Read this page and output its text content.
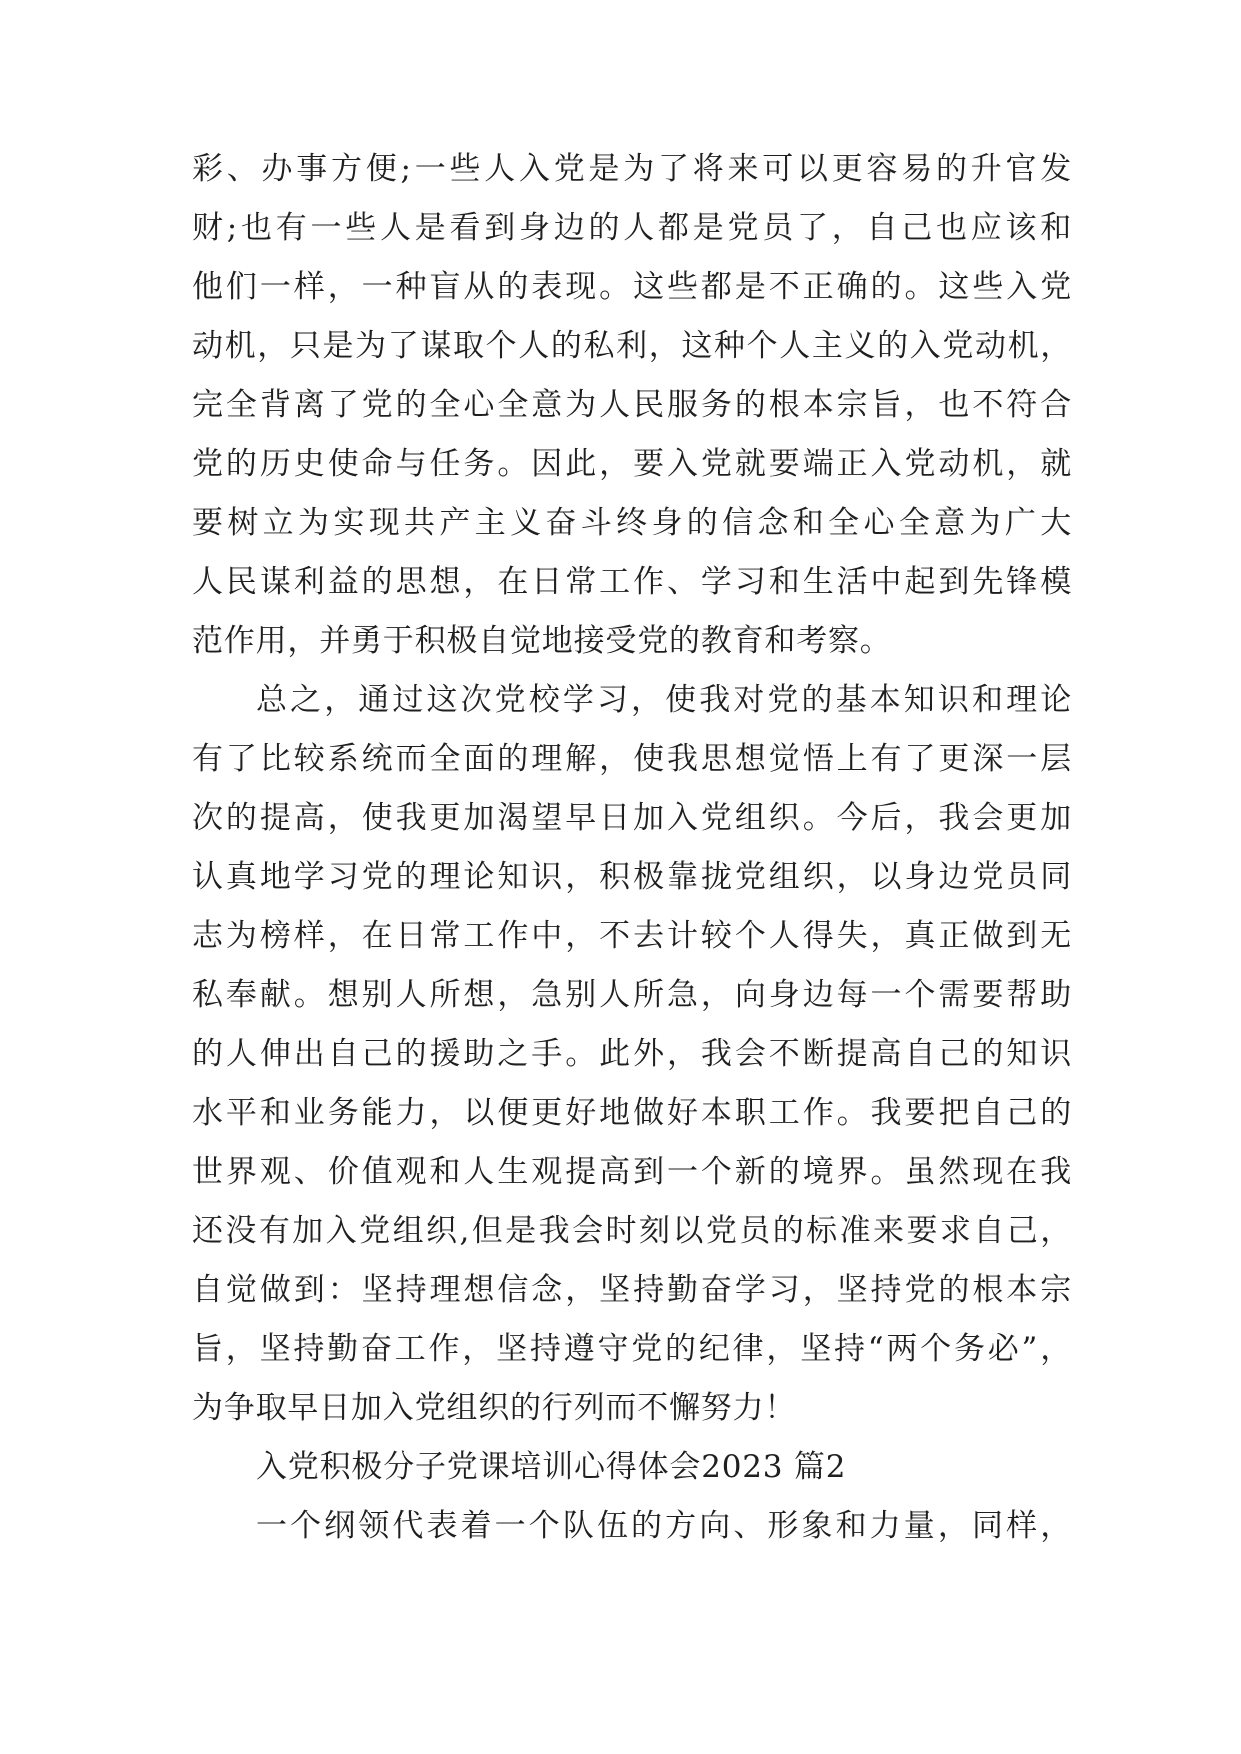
彩、办事方便;一些人入党是为了将来可以更容易的升官发
财;也有一些人是看到身边的人都是党员了，自己也应该和
他们一样，一种盲从的表现。这些都是不正确的。这些入党
动机，只是为了谋取个人的私利，这种个人主义的入党动机，
完全背离了党的全心全意为人民服务的根本宗旨，也不符合
党的历史使命与任务。因此，要入党就要端正入党动机，就
要树立为实现共产主义奋斗终身的信念和全心全意为广大
人民谋利益的思想，在日常工作、学习和生活中起到先锋模
范作用，并勇于积极自觉地接受党的教育和考察。
总之，通过这次党校学习，使我对党的基本知识和理论
有了比较系统而全面的理解，使我思想觉悟上有了更深一层
次的提高，使我更加渴望早日加入党组织。今后，我会更加
认真地学习党的理论知识，积极靠拢党组织，以身边党员同
志为榜样，在日常工作中，不去计较个人得失，真正做到无
私奉献。想别人所想，急别人所急，向身边每一个需要帮助
的人伸出自己的援助之手。此外，我会不断提高自己的知识
水平和业务能力，以便更好地做好本职工作。我要把自己的
世界观、价值观和人生观提高到一个新的境界。虽然现在我
还没有加入党组织,但是我会时刻以党员的标准来要求自己，
自觉做到：坚持理想信念，坚持勤奋学习，坚持党的根本宗
旨，坚持勤奋工作，坚持遵守党的纪律，坚持“两个务必”，
为争取早日加入党组织的行列而不懈努力！
入党积极分子党课培训心得体会2023 篇2
一个纲领代表着一个队伍的方向、形象和力量，同样，
